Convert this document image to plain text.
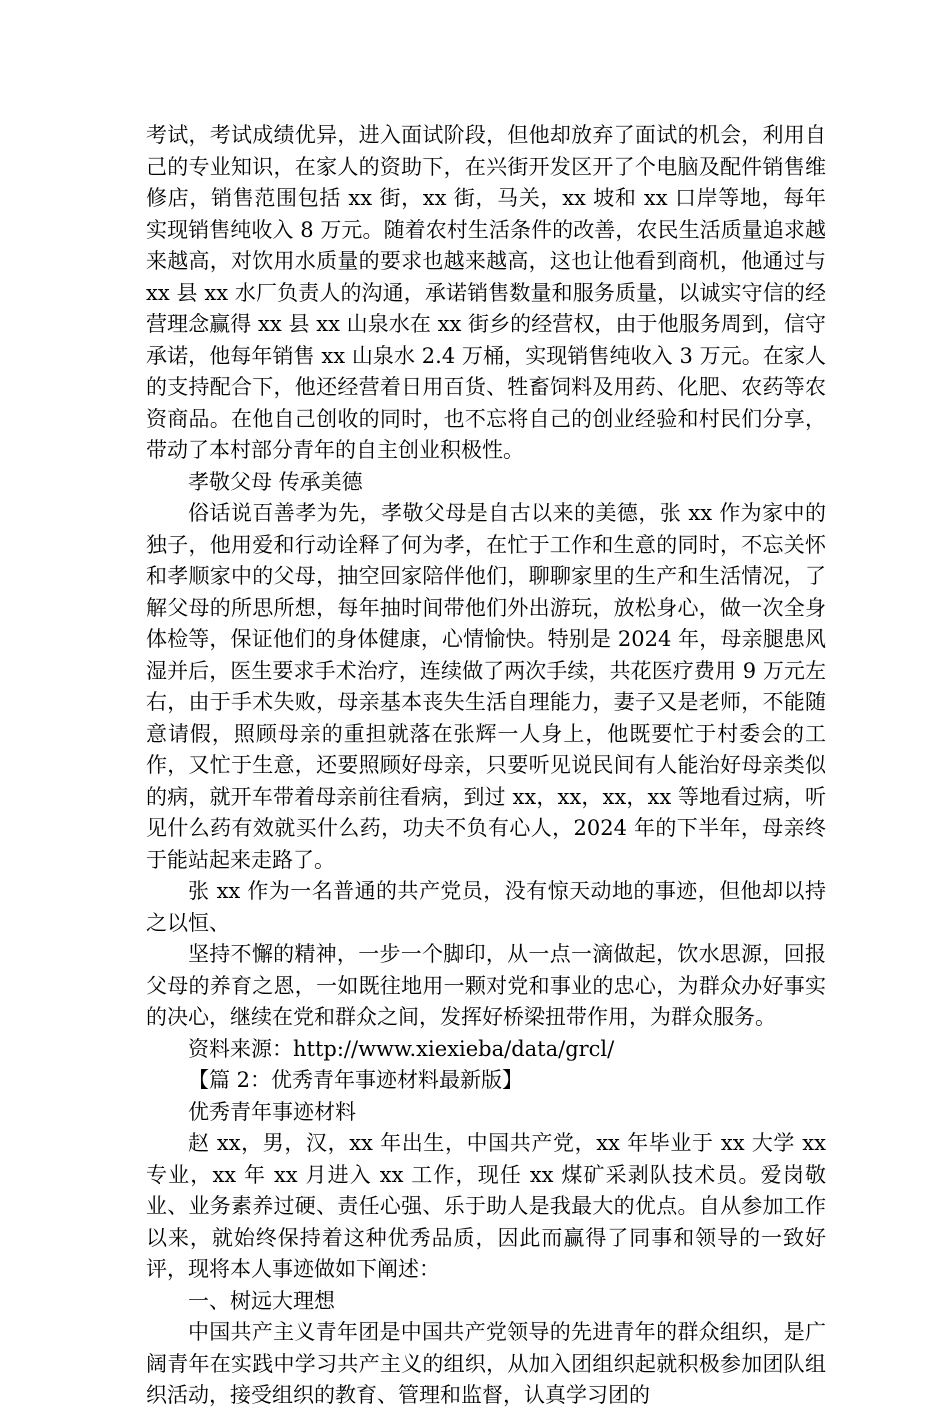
考试，考试成绩优异，进入面试阶段，但他却放弃了面试的机会，利用自己的专业知识，在家人的资助下，在兴街开发区开了个电脑及配件销售维修店，销售范围包括 xx 街，xx 街，马关，xx 坡和 xx 口岸等地，每年实现销售纯收入 8 万元。随着农村生活条件的改善，农民生活质量追求越来越高，对饮用水质量的要求也越来越高，这也让他看到商机，他通过与 xx 县 xx 水厂负责人的沟通，承诺销售数量和服务质量，以诚实守信的经营理念赢得 xx 县 xx 山泉水在 xx 街乡的经营权，由于他服务周到，信守承诺，他每年销售 xx 山泉水 2.4 万桶，实现销售纯收入 3 万元。在家人的支持配合下，他还经营着日用百货、牲畜饲料及用药、化肥、农药等农资商品。在他自己创收的同时，也不忘将自己的创业经验和村民们分享，带动了本村部分青年的自主创业积极性。

孝敬父母 传承美德

俗话说百善孝为先，孝敬父母是自古以来的美德，张 xx 作为家中的独子，他用爱和行动诠释了何为孝，在忙于工作和生意的同时，不忘关怀和孝顺家中的父母，抽空回家陪伴他们，聊聊家里的生产和生活情况，了解父母的所思所想，每年抽时间带他们外出游玩，放松身心，做一次全身体检等，保证他们的身体健康，心情愉快。特别是 2024 年，母亲腿患风湿并后，医生要求手术治疗，连续做了两次手续，共花医疗费用 9 万元左右，由于手术失败，母亲基本丧失生活自理能力，妻子又是老师，不能随意请假，照顾母亲的重担就落在张辉一人身上，他既要忙于村委会的工作，又忙于生意，还要照顾好母亲，只要听见说民间有人能治好母亲类似的病，就开车带着母亲前往看病，到过 xx，xx，xx，xx 等地看过病，听见什么药有效就买什么药，功夫不负有心人，2024 年的下半年，母亲终于能站起来走路了。

张 xx 作为一名普通的共产党员，没有惊天动地的事迹，但他却以持之以恒、

坚持不懈的精神，一步一个脚印，从一点一滴做起，饮水思源，回报父母的养育之恩，一如既往地用一颗对党和事业的忠心，为群众办好事实的决心，继续在党和群众之间，发挥好桥梁扭带作用，为群众服务。

资料来源：http://www.xiexieba/data/grcl/

【篇 2：优秀青年事迹材料最新版】

优秀青年事迹材料

赵 xx，男，汉，xx 年出生，中国共产党，xx 年毕业于 xx 大学 xx 专业，xx 年 xx 月进入 xx 工作，现任 xx 煤矿采剥队技术员。爱岗敬业、业务素养过硬、责任心强、乐于助人是我最大的优点。自从参加工作以来，就始终保持着这种优秀品质，因此而赢得了同事和领导的一致好评，现将本人事迹做如下阐述：

一、树远大理想

中国共产主义青年团是中国共产党领导的先进青年的群众组织，是广阔青年在实践中学习共产主义的组织，从加入团组织起就积极参加团队组织活动，接受组织的教育、管理和监督，认真学习团的
